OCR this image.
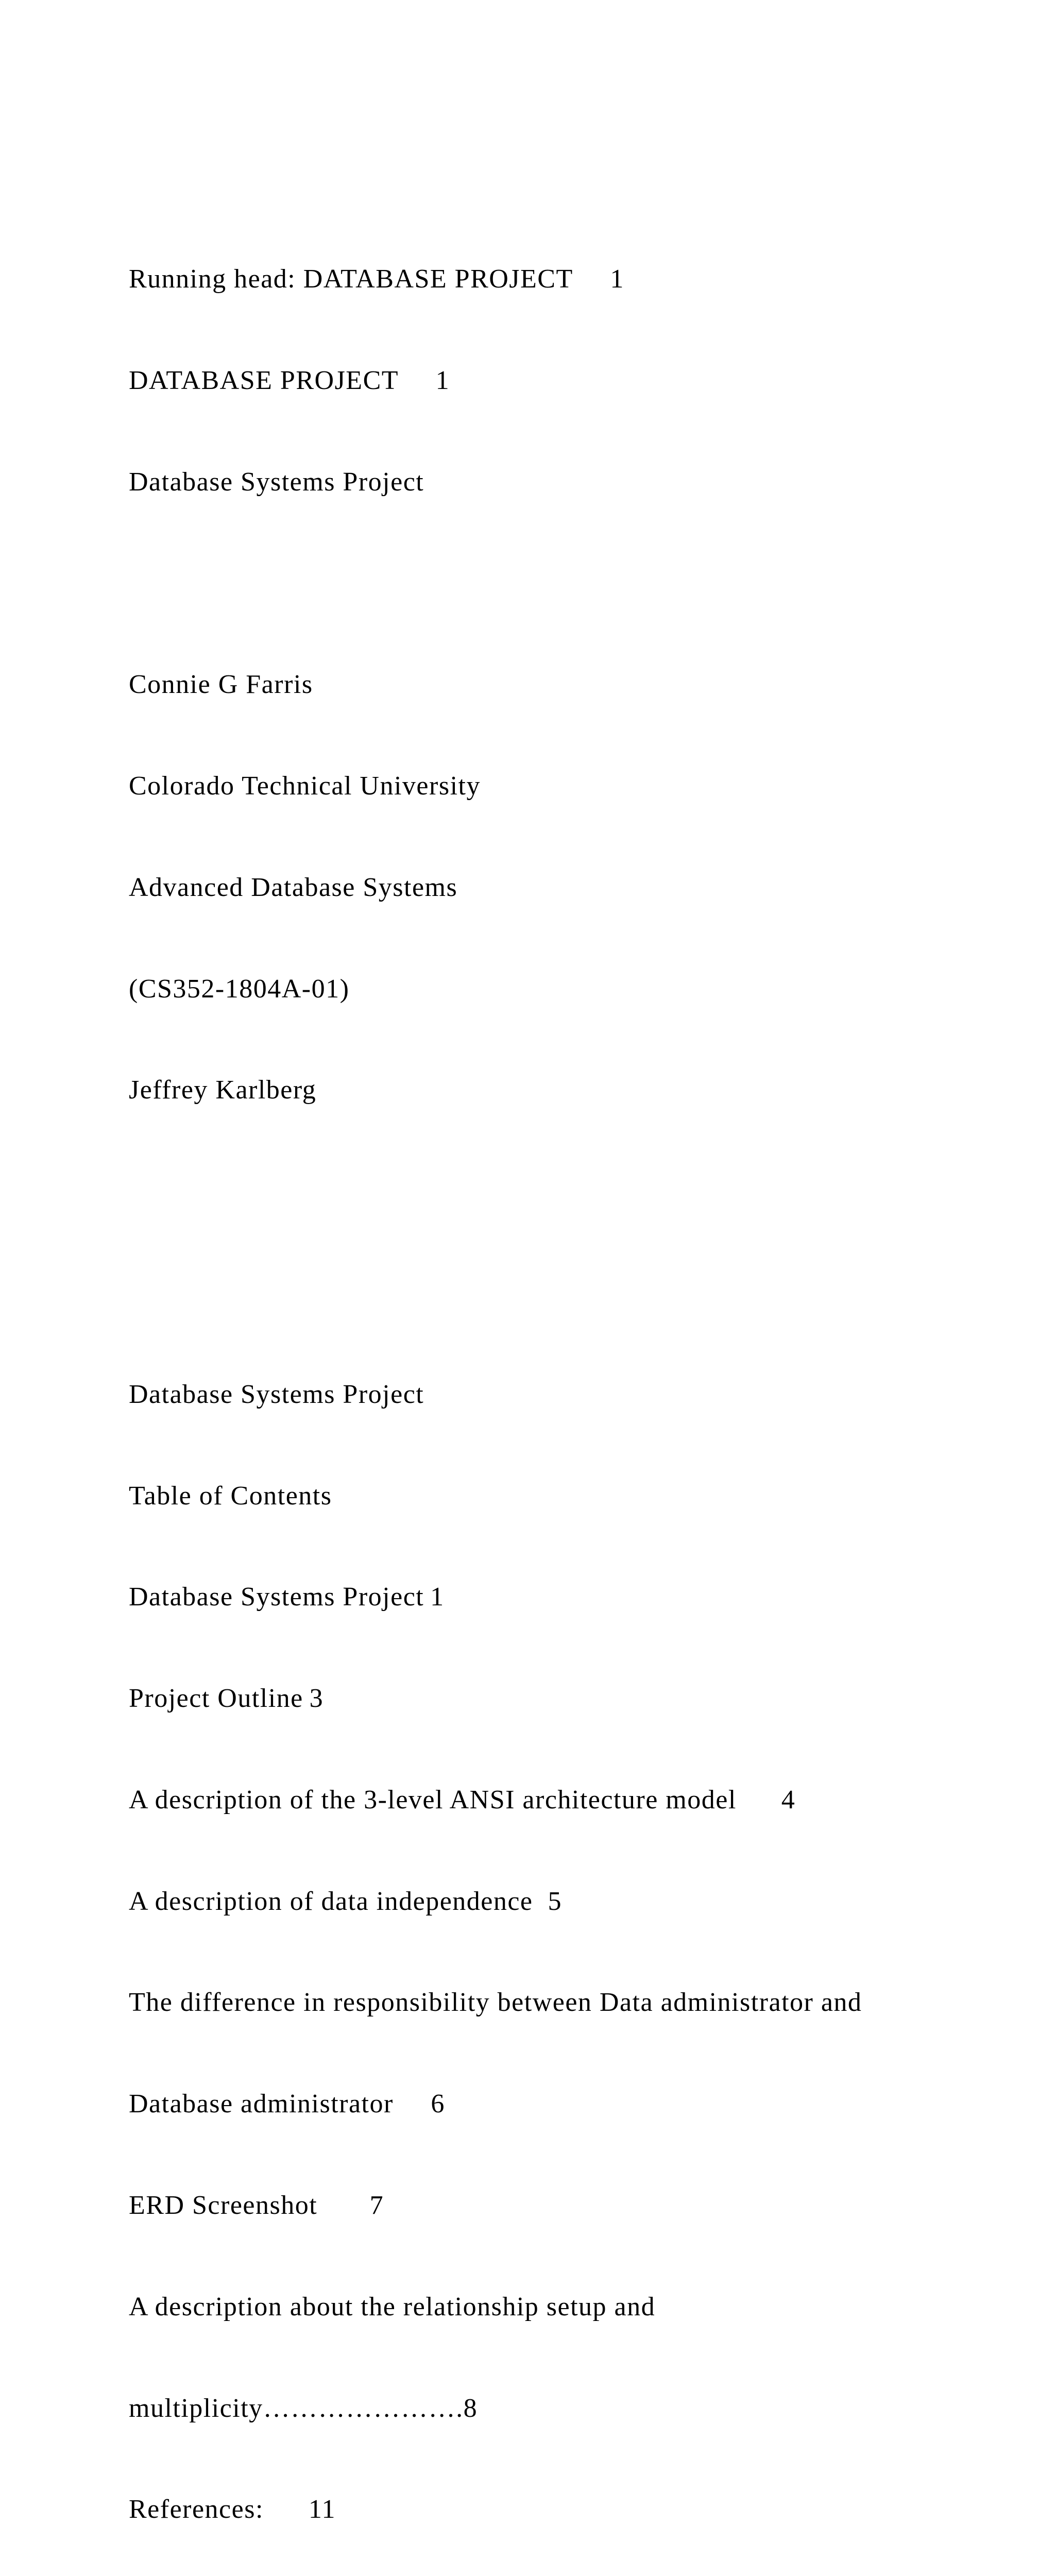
Running head: DATABASE PROJECT     1

DATABASE PROJECT     1

Database Systems Project

Connie G Farris

Colorado Technical University

Advanced Database Systems

(CS352-1804A-01)

Jeffrey Karlberg

Database Systems Project

Table of Contents

Database Systems Project 1

Project Outline 3

A description of the 3-level ANSI architecture model      4

A description of data independence  5

The difference in responsibility between Data administrator and

Database administrator     6

ERD Screenshot       7

A description about the relationship setup and

multiplicity………………….8

References:      11
